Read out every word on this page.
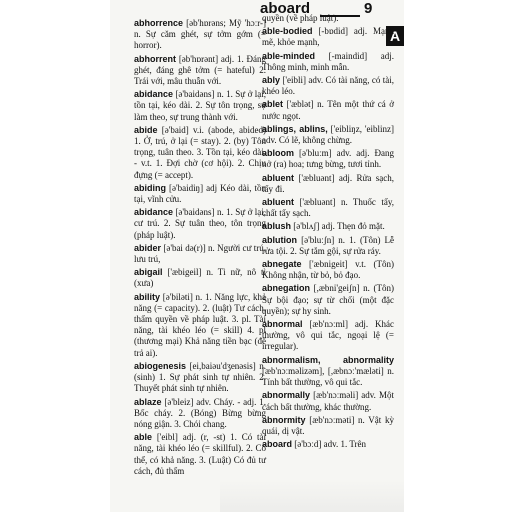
aboard	9
A
abhorrence [əb'hɒrəns; Mỹ 'hɔːr-] n. Sự căm ghét, sự tởm gớm (= horror).
abhorrent [əb'hɒrənt] adj. 1. Đáng ghét, đáng ghê tởm (= hateful) 2. Trái với, mâu thuẫn với.
abidance [ə'baidəns] n. 1. Sự ở lại, tồn tại, kéo dài. 2. Sự tôn trọng, sự làm theo, sự trung thành với.
abide [ə'baid] v.i. (abode, abided) 1. Ở, trú, ở lại (= stay). 2. (by) Tôn trọng, tuân theo. 3. Tồn tại, kéo dài. - v.t. 1. Đợi chờ (cơ hội). 2. Chịu đựng (= accept).
abiding [ə'baidiŋ] adj Kéo dài, tồn tại, vĩnh cửu.
abidance [ə'baidəns] n. 1. Sự ở lại, cư trú. 2. Sự tuân theo, tôn trọng (pháp luật).
abider [ə'bai də(r)] n. Người cư trú, lưu trú,
abigail ['æbigeil] n. Tì nữ, nô tì (xưa)
ability [ə'biləti] n. 1. Năng lực, khả năng (= capacity). 2. (luật) Tư cách, thẩm quyền về pháp luật. 3. pl. Tài năng, tài khéo léo (= skill) 4. pl (thương mại) Khả năng tiền bạc (để trả ai).
abiogenesis [ei,baiəu'dʒenəsis] n. (sinh) 1. Sự phát sinh tự nhiên. 2. Thuyết phát sinh tự nhiên.
ablaze [ə'bleiz] adv. Cháy. - adj. 1. Bốc cháy. 2. (Bóng) Bừng bừng nóng giận. 3. Chói chang.
able ['eibl] adj. (r, -st) 1. Có tài năng, tài khéo léo (= skillful). 2. Có thể, có khả năng. 3. (Luật) Có đủ tư cách, đủ thẩm
quyền (về pháp luật).
able-bodied [-bɒdid] adj. Mạnh mẽ, khỏe mạnh,
able-minded [-maindid] adj. Thông minh, minh mẫn.
ably ['eibli] adv. Có tài năng, có tài, khéo léo.
ablet ['æblət] n. Tên một thứ cá ở nước ngọt.
ablings, ablins, ['eibliŋz, 'eiblinz] adv. Có lẽ, không chừng.
abloom [ə'bluːm] adv. adj. Đang nở (ra) hoa; tưng bừng, tươi tỉnh.
abluent ['æbluənt] adj. Rửa sạch, tẩy đi.
abluent ['æbluənt] n. Thuốc tẩy, chất tẩy sạch.
ablush [ə'blʌʃ] adj. Thẹn đỏ mặt.
ablution [ə'bluːʃn] n. 1. (Tôn) Lễ rửa tội. 2. Sự tắm gội, sự rửa ráy.
abnegate ['æbnigeit] v.t. (Tôn) Không nhận, từ bỏ, bỏ đạo.
abnegation [,æbni'geiʃn] n. (Tôn) Sự bội đạo; sự từ chối (một đặc quyền); sự hy sinh.
abnormal [æb'nɔːml] adj. Khác thường, vô qui tắc, ngoại lệ (= irregular).
abnormalism, abnormality [æb'nɔːməlizəm], [,æbnɔː'mæləti] n. Tính bất thường, vô qui tắc.
abnormally [æb'nɔːməli] adv. Một cách bất thường, khác thường.
abnormity [æb'nɔːməti] n. Vật kỳ quái, dị vật.
aboard [ə'bɔːd] adv. 1. Trên
